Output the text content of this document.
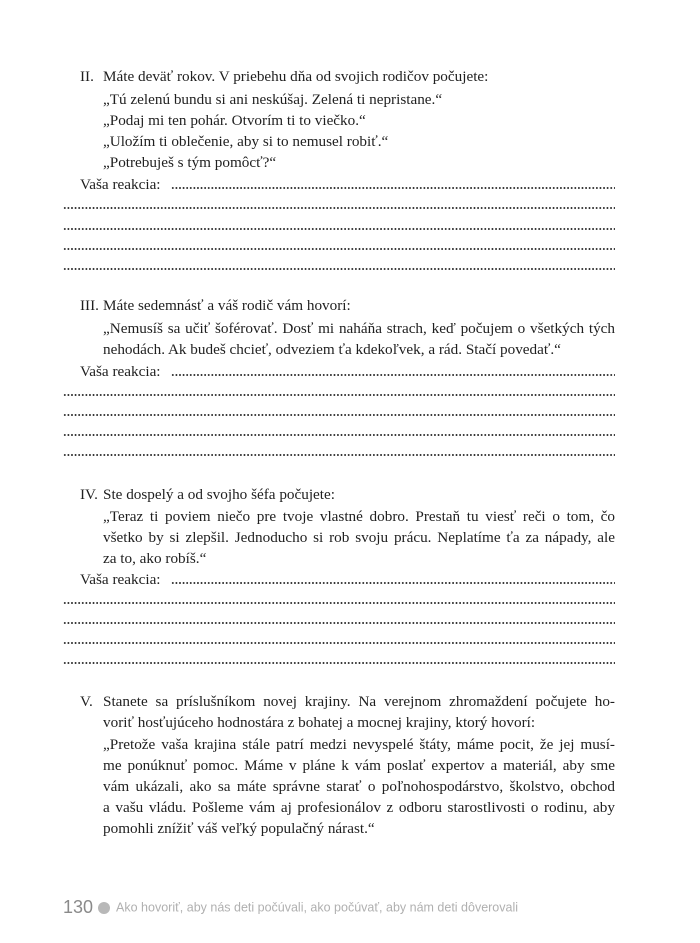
II. Máte deväť rokov. V priebehu dňa od svojich rodičov počujete:
„Tú zelenú bundu si ani neskúšaj. Zelená ti nepristane.“
„Podaj mi ten pohár. Otvorím ti to viečko.“
„Uložím ti oblečenie, aby si to nemusel robiť.“
„Potrebuješ s tým pomôcť?“
Vaša reakcia:
III. Máte sedemnásť a váš rodič vám hovorí:
„Nemusíš sa učiť šoférovať. Dosť mi naháňa strach, keď počujem o všetkých tých
nehodách. Ak budeš chcieť, odveziem ťa kdekoľvek, a rád. Stačí povedať.“
Vaša reakcia:
IV. Ste dospelý a od svojho šéfa počujete:
„Teraz ti poviem niečo pre tvoje vlastné dobro. Prestaň tu viesť reči o tom, čo
všetko by si zlepšil. Jednoducho si rob svoju prácu. Neplatíme ťa za nápady, ale
za to, ako robíš.“
Vaša reakcia:
V. Stanete sa príslušníkom novej krajiny. Na verejnom zhromaždení počujete ho-
voriť hosťujúceho hodnostára z bohatej a mocnej krajiny, ktorý hovorí:
„Pretože vaša krajina stále patrí medzi nevyspelé štáty, máme pocit, že jej musí-
me ponúknuť pomoc. Máme v pláne k vám poslať expertov a materiál, aby sme
vám ukázali, ako sa máte správne starať o poľnohospodárstvo, školstvo, obchod
a vašu vládu. Pošleme vám aj profesionálov z odboru starostlivosti o rodinu, aby
pomohli znížiť váš veľký populačný nárast.“
130 Ako hovoriť, aby nás deti počúvali, ako počúvať, aby nám deti dôverovali
